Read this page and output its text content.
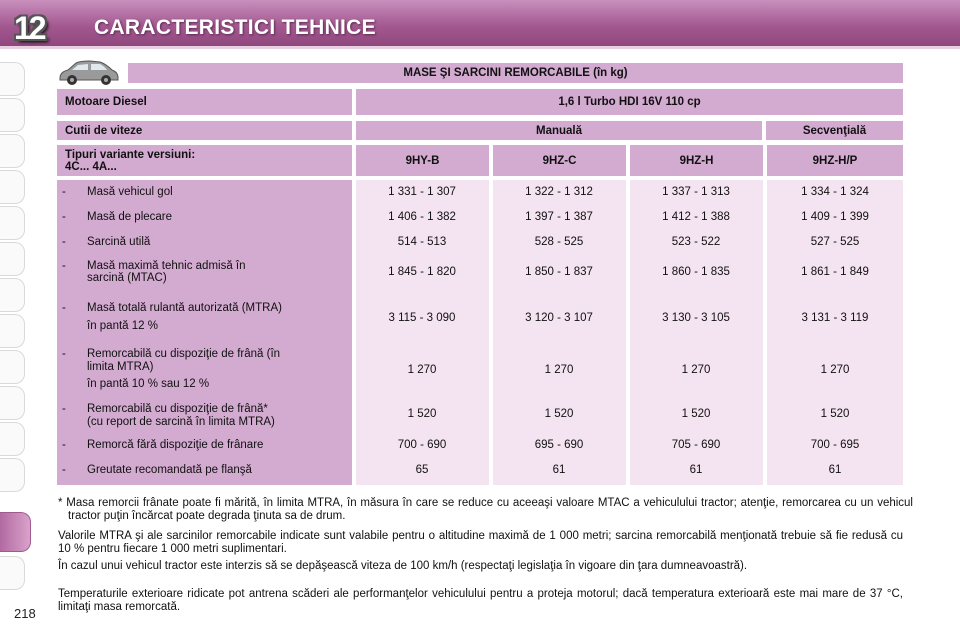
12	CARACTERISTICI TEHNICE
218
MASE ŞI SARCINI REMORCABILE (în kg)
Motoare Diesel	1,6 l Turbo HDI 16V 110 cp
Cutii de viteze	Manuală	Secvenţială
Tipuri variante versiuni:
4C... 4A...	9HY-B	9HZ-C	9HZ-H	9HZ-H/P
- Masă vehicul gol	1 331 - 1 307	1 322 - 1 312	1 337 - 1 313	1 334 - 1 324
- Masă de plecare	1 406 - 1 382	1 397 - 1 387	1 412 - 1 388	1 409 - 1 399
- Sarcină utilă	514 - 513	528 - 525	523 - 522	527 - 525
- Masă maximă tehnic admisă în
sarcină (MTAC)	1 845 - 1 820	1 850 - 1 837	1 860 - 1 835	1 861 - 1 849
- Masă totală rulantă autorizată (MTRA)
în pantă 12 %
3 115 - 3 090	3 120 - 3 107	3 130 - 3 105	3 131 - 3 119
- Remorcabilă cu dispoziţie de frână (în
limita MTRA)
în pantă 10 % sau 12 %
1 270	1 270	1 270	1 270
- Remorcabilă cu dispoziţie de frână*
(cu report de sarcină în limita MTRA)
1 520	1 520	1 520	1 520
- Remorcă fără dispoziţie de frânare	700 - 690	695 - 690	705 - 690	700 - 695
- Greutate recomandată pe flanşă	65	61	61	61
* Masa remorcii frânate poate fi mărită, în limita MTRA, în măsura în care se reduce cu aceeaşi valoare MTAC a vehiculului tractor; atenţie, remorcarea cu un vehicul tractor puţin încărcat poate degrada ţinuta sa de drum.
Valorile MTRA şi ale sarcinilor remorcabile indicate sunt valabile pentru o altitudine maximă de 1 000 metri; sarcina remorcabilă menţionată trebuie să fie redusă cu 10 % pentru fiecare 1 000 metri suplimentari.
În cazul unui vehicul tractor este interzis să se depăşească viteza de 100 km/h (respectaţi legislaţia în vigoare din ţara dumneavoastră).
Temperaturile exterioare ridicate pot antrena scăderi ale performanţelor vehiculului pentru a proteja motorul; dacă temperatura exterioară este mai mare de 37 °C, limitaţi masa remorcată.
